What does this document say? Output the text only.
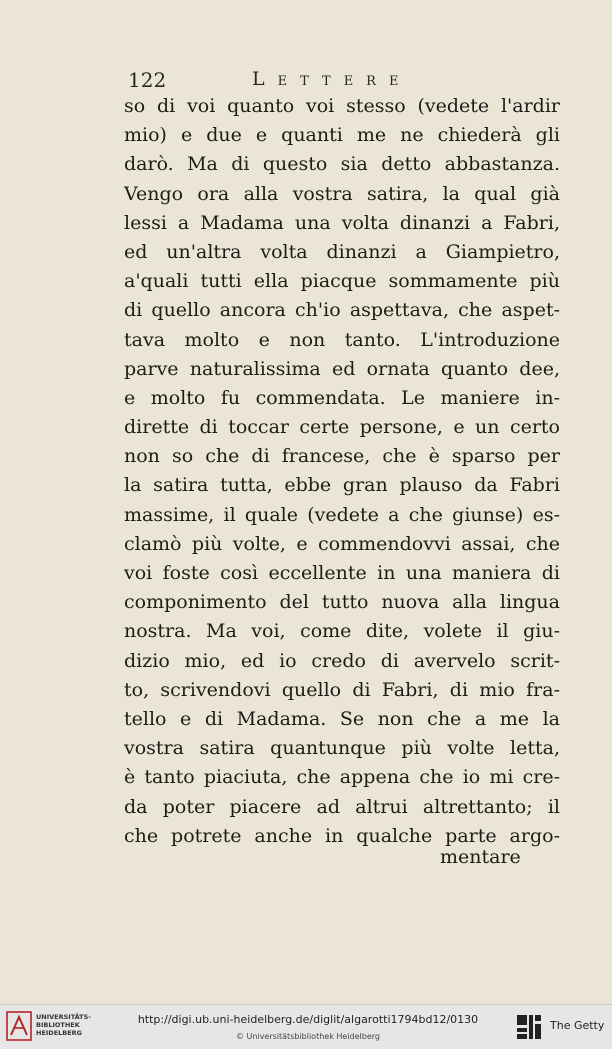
122	Lettere
so di voi quanto voi stesso (vedete l'ardir
mio) e due e quanti me ne chiederà gli
darò. Ma di questo sia detto abbastanza.
Vengo ora alla vostra satira, la qual già
lessi a Madama una volta dinanzi a Fabri,
ed un'altra volta dinanzi a Giampietro,
a'quali tutti ella piacque sommamente più
di quello ancora ch'io aspettava, che aspet-
tava molto e non tanto. L'introduzione
parve naturalissima ed ornata quanto dee,
e molto fu commendata. Le maniere in-
dirette di toccar certe persone, e un certo
non so che di francese, che è sparso per
la satira tutta, ebbe gran plauso da Fabri
massime, il quale (vedete a che giunse) es-
clamò più volte, e commendovvi assai, che
voi foste così eccellente in una maniera di
componimento del tutto nuova alla lingua
nostra. Ma voi, come dite, volete il giu-
dizio mio, ed io credo di avervelo scrit-
to, scrivendovi quello di Fabri, di mio fra-
tello e di Madama. Se non che a me la
vostra satira quantunque più volte letta,
è tanto piaciuta, che appena che io mi cre-
da poter piacere ad altrui altrettanto; il
che potrete anche in qualche parte argo-
mentare
UNIVERSITÄTS-
BIBLIOTHEK
HEIDELBERG
http://digi.ub.uni-heidelberg.de/diglit/algarotti1794bd12/0130
© Universitätsbibliothek Heidelberg
The Getty
